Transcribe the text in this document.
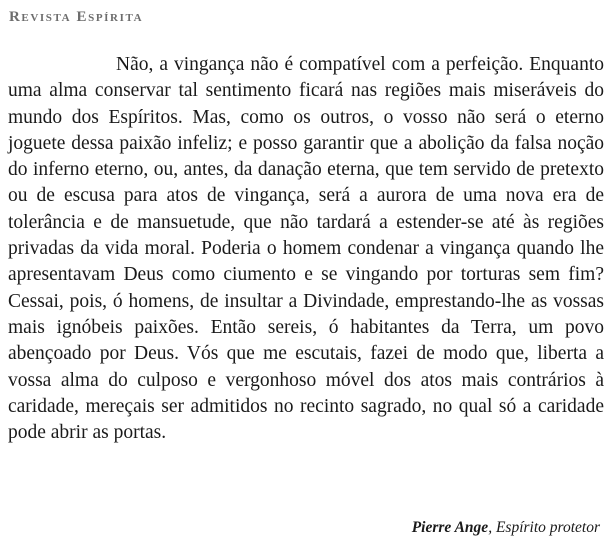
Revista Espírita

Não, a vingança não é compatível com a perfeição. Enquanto uma alma conservar tal sentimento ficará nas regiões mais miseráveis do mundo dos Espíritos. Mas, como os outros, o vosso não será o eterno joguete dessa paixão infeliz; e posso garantir que a abolição da falsa noção do inferno eterno, ou, antes, da danação eterna, que tem servido de pretexto ou de escusa para atos de vingança, será a aurora de uma nova era de tolerância e de mansuetude, que não tardará a estender-se até às regiões privadas da vida moral. Poderia o homem condenar a vingança quando lhe apresentavam Deus como ciumento e se vingando por torturas sem fim? Cessai, pois, ó homens, de insultar a Divindade, emprestando-lhe as vossas mais ignóbeis paixões. Então sereis, ó habitantes da Terra, um povo abençoado por Deus. Vós que me escutais, fazei de modo que, liberta a vossa alma do culposo e vergonhoso móvel dos atos mais contrários à caridade, mereçais ser admitidos no recinto sagrado, no qual só a caridade pode abrir as portas.

Pierre Ange, Espírito protetor
